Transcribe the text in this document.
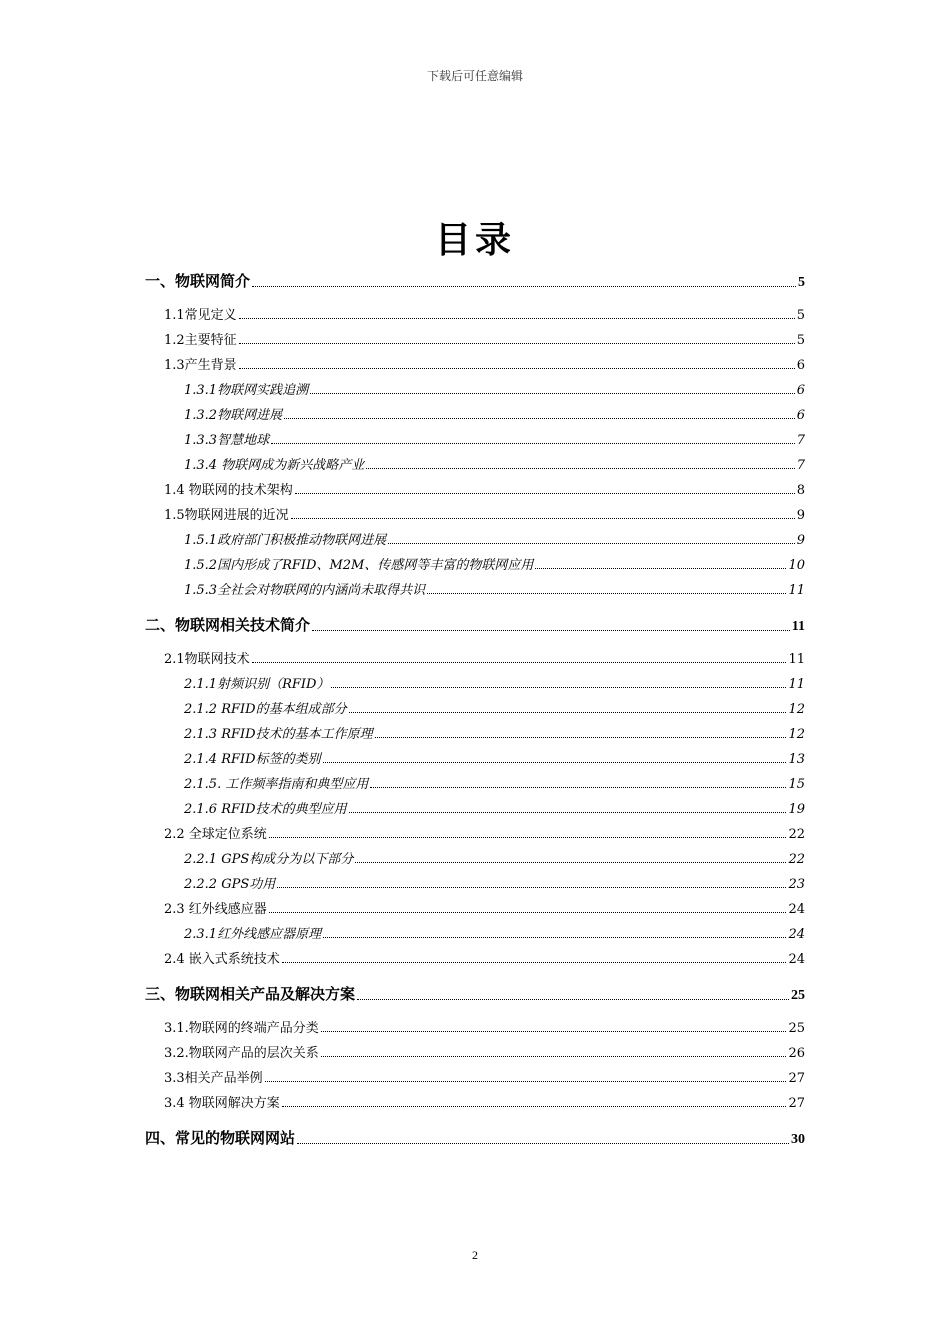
下载后可任意编辑
目录
一、物联网简介	5
1.1常见定义	5
1.2主要特征	5
1.3产生背景	6
1.3.1物联网实践追溯	6
1.3.2物联网进展	6
1.3.3智慧地球	7
1.3.4 物联网成为新兴战略产业	7
1.4 物联网的技术架构	8
1.5物联网进展的近况	9
1.5.1政府部门积极推动物联网进展	9
1.5.2国内形成了RFID、M2M、传感网等丰富的物联网应用	10
1.5.3全社会对物联网的内涵尚未取得共识	11
二、物联网相关技术简介	11
2.1物联网技术	11
2.1.1射频识别（RFID）	11
2.1.2 RFID的基本组成部分	12
2.1.3 RFID技术的基本工作原理	12
2.1.4 RFID标签的类别	13
2.1.5. 工作频率指南和典型应用	15
2.1.6 RFID技术的典型应用	19
2.2 全球定位系统	22
2.2.1 GPS构成分为以下部分	22
2.2.2 GPS功用	23
2.3 红外线感应器	24
2.3.1红外线感应器原理	24
2.4 嵌入式系统技术	24
三、物联网相关产品及解决方案	25
3.1.物联网的终端产品分类	25
3.2.物联网产品的层次关系	26
3.3相关产品举例	27
3.4 物联网解决方案	27
四、常见的物联网网站	30
2
